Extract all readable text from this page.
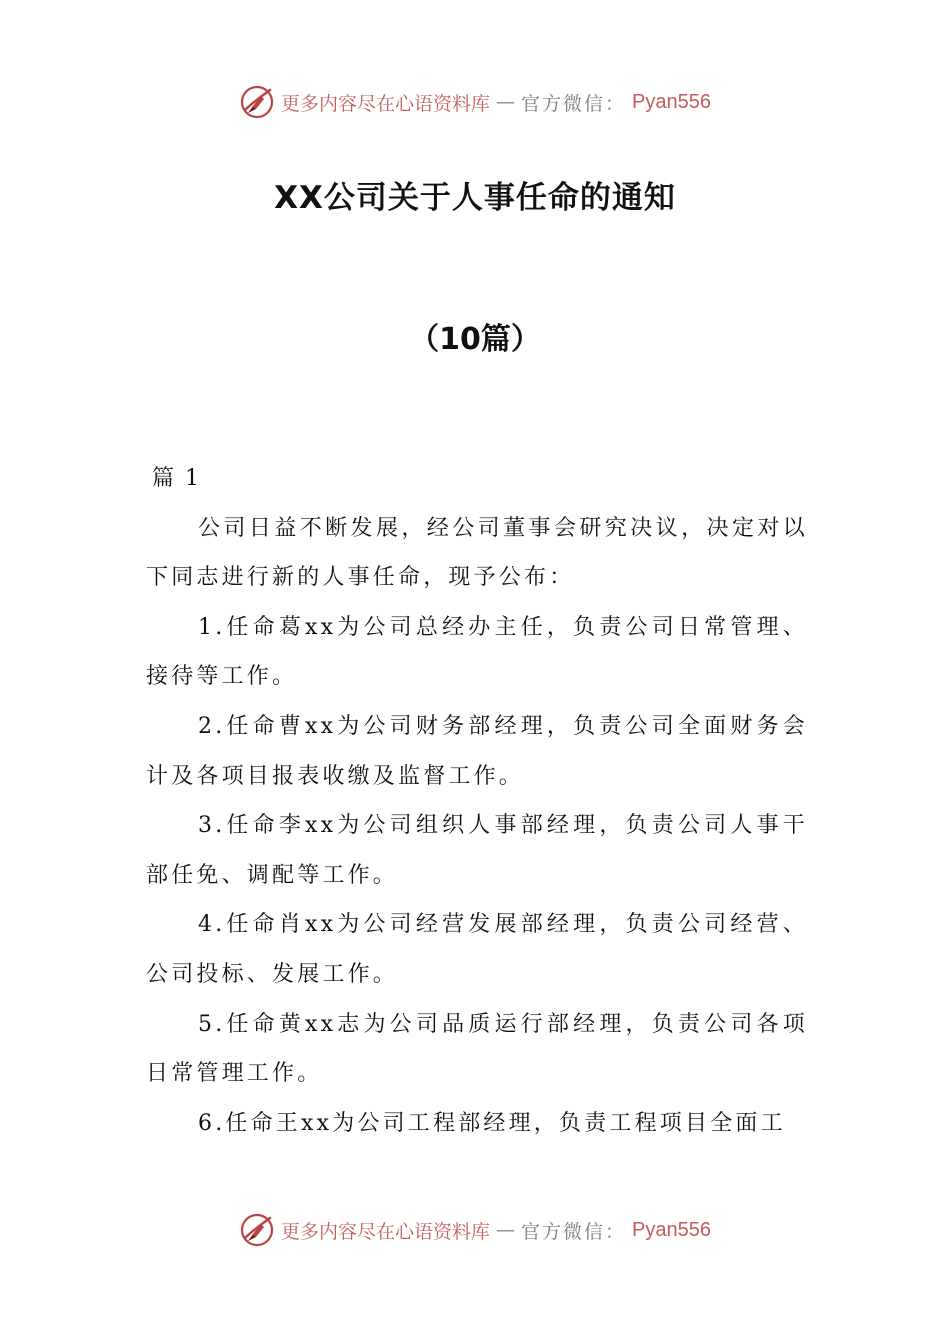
更多内容尽在心语资料库 — 官方微信： Pyan556
XX公司关于人事任命的通知
（10篇）
篇 1

公司日益不断发展，经公司董事会研究决议，决定对以下同志进行新的人事任命，现予公布：

1.任命葛xx为公司总经办主任，负责公司日常管理、接待等工作。

2.任命曹xx为公司财务部经理，负责公司全面财务会计及各项目报表收缴及监督工作。

3.任命李xx为公司组织人事部经理，负责公司人事干部任免、调配等工作。

4.任命肖xx为公司经营发展部经理，负责公司经营、公司投标、发展工作。

5.任命黄xx志为公司品质运行部经理，负责公司各项日常管理工作。

6.任命王xx为公司工程部经理，负责工程项目全面工

更多内容尽在心语资料库 — 官方微信： Pyan556
